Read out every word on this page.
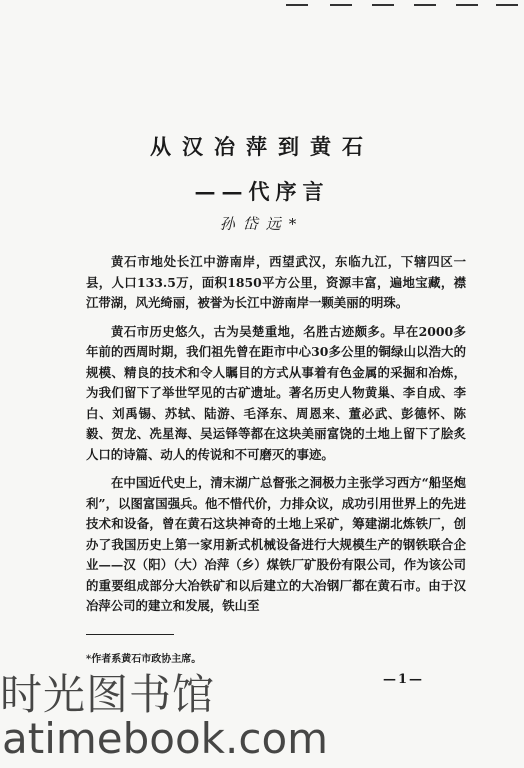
从汉冶萍到黄石
——代序言
孙岱远*

黄石市地处长江中游南岸，西望武汉，东临九江，下辖四区一县，人口133.5万，面积1850平方公里，资源丰富，遍地宝藏，襟江带湖，风光绮丽，被誉为长江中游南岸一颗美丽的明珠。

黄石市历史悠久，古为吴楚重地，名胜古迹颇多。早在2000多年前的西周时期，我们祖先曾在距市中心30多公里的铜绿山以浩大的规模、精良的技术和令人瞩目的方式从事着有色金属的采掘和冶炼，为我们留下了举世罕见的古矿遗址。著名历史人物黄巢、李自成、李白、刘禹锡、苏轼、陆游、毛泽东、周恩来、董必武、彭德怀、陈毅、贺龙、冼星海、吴运铎等都在这块美丽富饶的土地上留下了脍炙人口的诗篇、动人的传说和不可磨灭的事迹。

在中国近代史上，清末湖广总督张之洞极力主张学习西方“船坚炮利”，以图富国强兵。他不惜代价，力排众议，成功引用世界上的先进技术和设备，曾在黄石这块神奇的土地上采矿，筹建湖北炼铁厂，创办了我国历史上第一家用新式机械设备进行大规模生产的钢铁联合企业——汉（阳）（大）冶萍（乡）煤铁厂矿股份有限公司，作为该公司的重要组成部分大冶铁矿和以后建立的大冶钢厂都在黄石市。由于汉冶萍公司的建立和发展，铁山至

*作者系黄石市政协主席。
—1—
时光图书馆
atimebook.com
